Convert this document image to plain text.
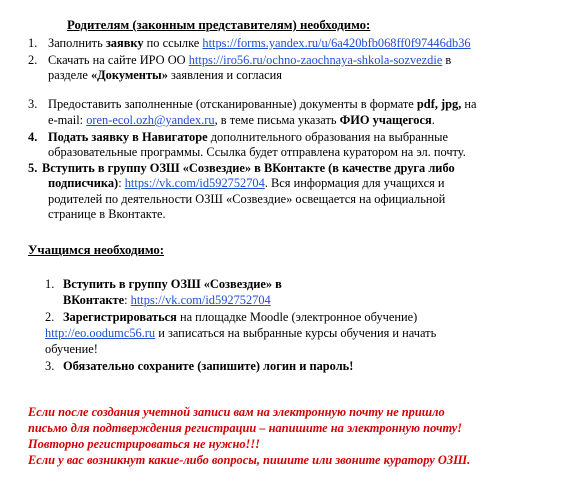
Родителям (законным представителям) необходимо:
1. Заполнить заявку по ссылке https://forms.yandex.ru/u/6a420bfb068ff0f97446db36
2. Скачать на сайте ИРО ОО https://iro56.ru/ochno-zaochnaya-shkola-sozvezdie в
разделе «Документы» заявления и согласия
3. Предоставить заполненные (отсканированные) документы в формате pdf, jpg, на
e-mail: oren-ecol.ozh@yandex.ru, в теме письма указать ФИО учащегося.
4. Подать заявку в Навигаторе дополнительного образования на выбранные
образовательные программы. Ссылка будет отправлена куратором на эл. почту.
5. Вступить в группу ОЗШ «Созвездие» в ВКонтакте (в качестве друга либо
подписчика): https://vk.com/id592752704. Вся информация для учащихся и
родителей по деятельности ОЗШ «Созвездие» освещается на официальной
странице в Вконтакте.
Учащимся необходимо:
1. Вступить в группу ОЗШ «Созвездие» в
ВКонтакте: https://vk.com/id592752704
2. Зарегистрироваться на площадке Moodle (электронное обучение)
http://eo.oodumc56.ru и записаться на выбранные курсы обучения и начать
обучение!
3. Обязательно сохраните (запишите) логин и пароль!
Если после создания учетной записи вам на электронную почту не пришло
письмо для подтверждения регистрации – напишите на электронную почту!
Повторно регистрироваться не нужно!!!
Если у вас возникнут какие-либо вопросы, пишите или звоните куратору ОЗШ.
